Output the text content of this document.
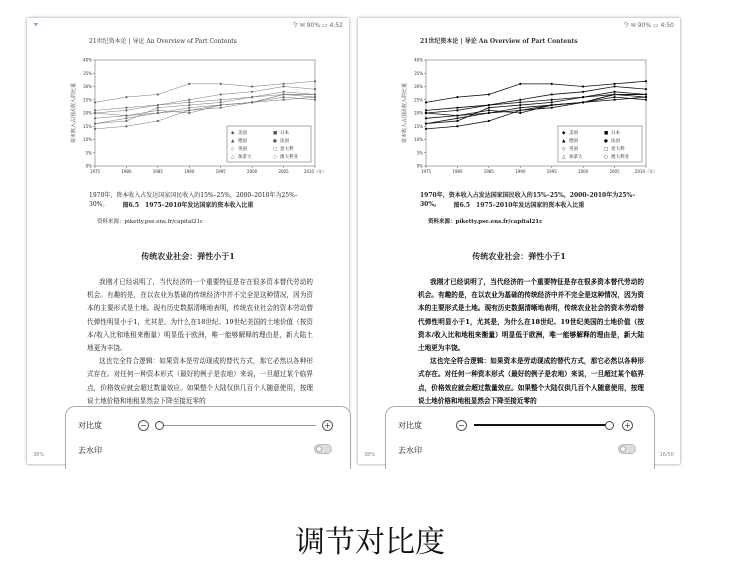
ᯤ	令 ✉ 90% ▭ 4:52
21世纪资本论 | 导论 An Overview of Part Contents
0%
5%
10%
15%
20%
25%
30%
35%
40%
1975	1980	1985	1990	1995	2000	2005	2010（年）
资本收入占国民收入的比重	◆ 美国	■ 日本
▲ 德国	● 法国
◇ 英国	□ 意大利
△ 加拿大	○ 澳大利亚
1970年，资本收入占发达国家国民收入的15%–25%，2000–2010年为25%–30%。	图6.5　1975–2010年发达国家的资本收入比重
资料来源：piketty.pse.ens.fr/capital21c
传统农业社会：弹性小于1

我刚才已经说明了，当代经济的一个重要特征是存在很多资本替代劳动的机会。有趣的是，在以农业为基础的传统经济中并不完全是这种情况，因为资本的主要形式是土地。现有历史数据清晰地表明，传统农业社会的资本劳动替代弹性明显小于1，尤其是，为什么在18世纪、19世纪美国的土地价值（按资本/收入比和地租来衡量）明显低于欧洲，唯一能够解释的理由是，新大陆土地更为丰饶。

这也完全符合逻辑：如果资本是劳动现成的替代方式，那它必然以各种形式存在。对任何一种资本形式（最好的例子是农地）来说，一旦超过某个临界点，价格效应就会超过数量效应。如果整个大陆仅供几百个人随意使用，按理说土地价格和地租显然会下降至接近零的

38%
对比度	−	+
去水印
令 ✉ 90% ▭ 4:50
21世纪资本论 | 导论 An Overview of Part Contents
0%
5%
10%
15%
20%
25%
30%
35%
40%
1975	1980	1985	1990	1995	2000	2005	2010（年）
资本收入占国民收入的比重	◆ 美国	■ 日本
▲ 德国	● 法国
◇ 英国	□ 意大利
△ 加拿大	○ 澳大利亚
1970年，资本收入占发达国家国民收入的15%–25%，2000–2010年为25%–30%。	图6.5　1975–2010年发达国家的资本收入比重
资料来源：piketty.pse.ens.fr/capital21c
传统农业社会：弹性小于1

我刚才已经说明了，当代经济的一个重要特征是存在很多资本替代劳动的机会。有趣的是，在以农业为基础的传统经济中并不完全是这种情况，因为资本的主要形式是土地。现有历史数据清晰地表明，传统农业社会的资本劳动替代弹性明显小于1，尤其是，为什么在18世纪、19世纪美国的土地价值（按资本/收入比和地租来衡量）明显低于欧洲，唯一能够解释的理由是，新大陆土地更为丰饶。

这也完全符合逻辑：如果资本是劳动现成的替代方式，那它必然以各种形式存在。对任何一种资本形式（最好的例子是农地）来说，一旦超过某个临界点，价格效应就会超过数量效应。如果整个大陆仅供几百个人随意使用，按理说土地价格和地租显然会下降至接近零的

38%	16/50
对比度	−	+
去水印
调节对比度
